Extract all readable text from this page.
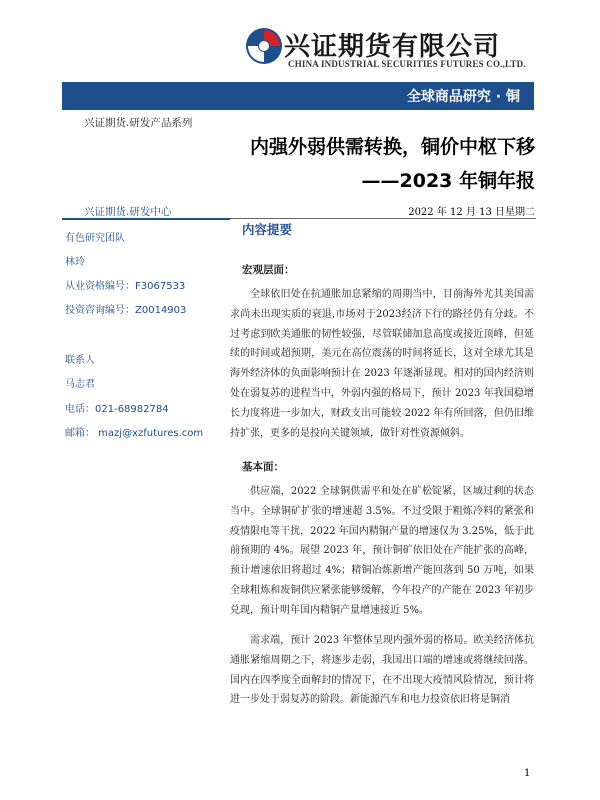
兴证期货有限公司
CHINA INDUSTRIAL SECURITIES FUTURES CO.,LTD.
全球商品研究 · 铜
兴证期货.研发产品系列
内强外弱供需转换，铜价中枢下移
——2023 年铜年报
兴证期货.研发中心	2022 年 12 月 13 日星期二
有色研究团队
林玲
从业资格编号：F3067533
投资咨询编号：Z0014903
联系人
马志君
电话：021-68982784
邮箱： mazj@xzfutures.com
内容提要
宏观层面：
全球依旧处在抗通胀加息紧缩的周期当中，目前海外尤其美国需求尚未出现实质的衰退,市场对于2023经济下行的路径仍有分歧。不过考虑到欧美通胀的韧性较强，尽管联储加息高度或接近顶峰，但延续的时间或超预期，美元在高位震荡的时间将延长，这对全球尤其是海外经济体的负面影响预计在 2023 年逐渐显现。相对的国内经济则处在弱复苏的进程当中，外弱内强的格局下，预计 2023 年我国稳增长力度将进一步加大，财政支出可能较 2022 年有所回落，但仍旧维持扩张，更多的是投向关键领域，做针对性资源倾斜。
基本面：
供应端，2022 全球铜供需平和处在矿松锭紧，区域过剩的状态当中。全球铜矿扩张的增速超 3.5%。不过受限于粗炼冷料的紧张和疫情限电等干扰，2022 年国内精铜产量的增速仅为 3.25%，低于此前预期的 4%。展望 2023 年，预计铜矿依旧处在产能扩张的高峰，预计增速依旧将超过 4%；精铜冶炼新增产能回落到 50 万吨，如果全球粗炼和废铜供应紧张能够缓解，今年投产的产能在 2023 年初步兑现，预计明年国内精铜产量增速接近 5%。
需求端，预计 2023 年整体呈现内强外弱的格局。欧美经济体抗通胀紧缩周期之下，将逐步走弱，我国出口端的增速或将继续回落。国内在四季度全面解封的情况下，在不出现大疫情风险情况，预计将进一步处于弱复苏的阶段。新能源汽车和电力投资依旧将是铜消
1
